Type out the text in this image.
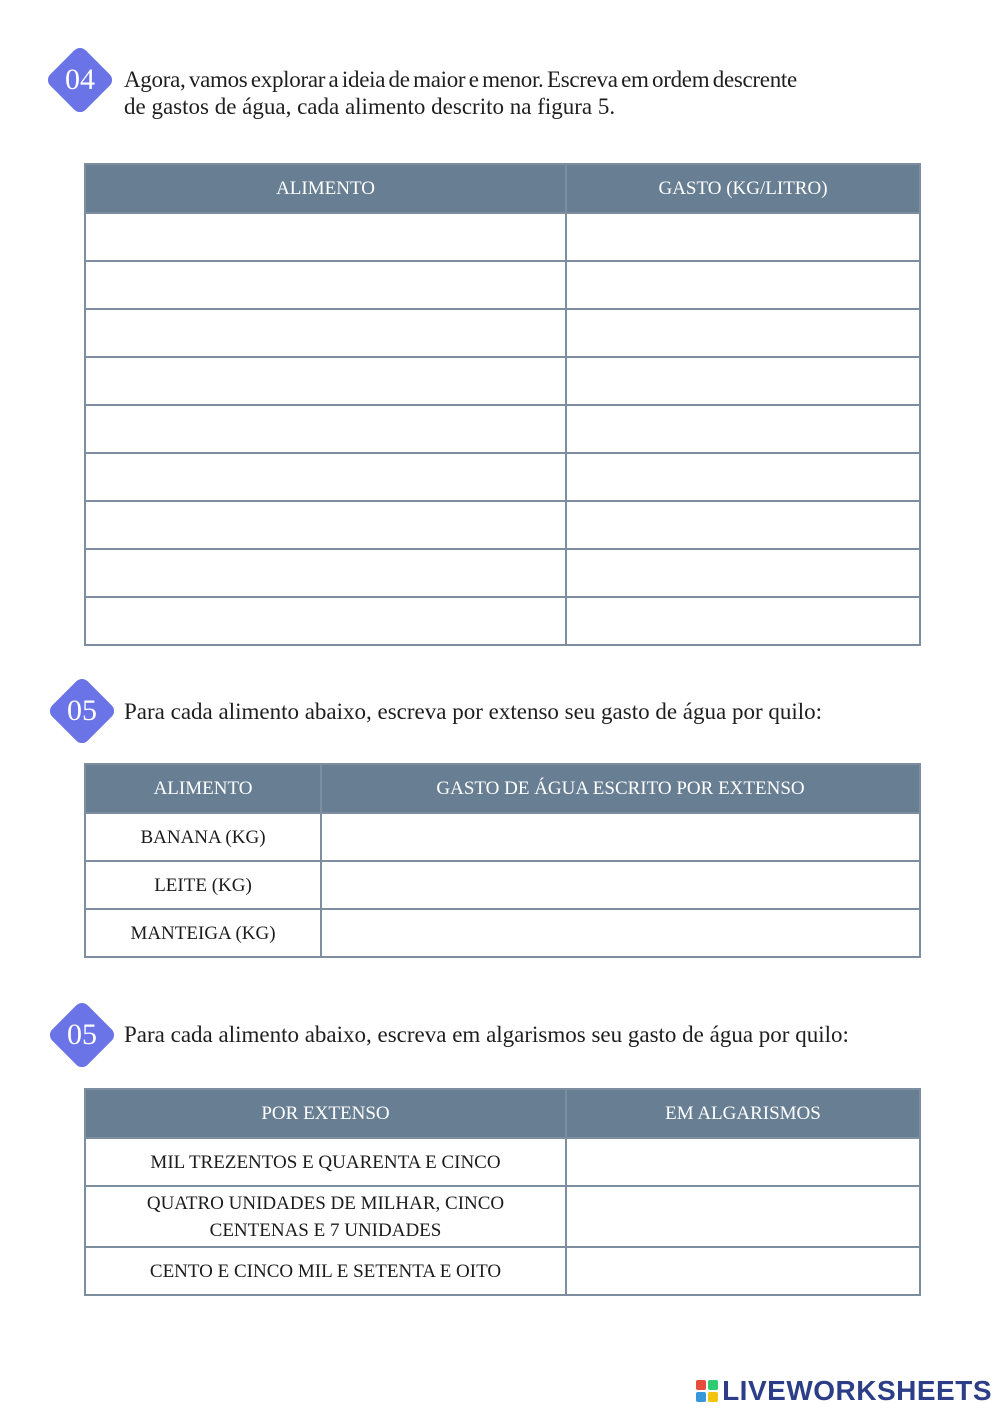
04	Agora, vamos explorar a ideia de maior e menor. Escreva em ordem descrente
de gastos de água, cada alimento descrito na figura 5.
ALIMENTO	GASTO (KG/LITRO)

05	Para cada alimento abaixo, escreva por extenso seu gasto de água por quilo:
ALIMENTO	GASTO DE ÁGUA ESCRITO POR EXTENSO
BANANA (KG)	
LEITE (KG)	
MANTEIGA (KG)	
05	Para cada alimento abaixo, escreva em algarismos seu gasto de água por quilo:
POR EXTENSO	EM ALGARISMOS
MIL TREZENTOS E QUARENTA E CINCO	
QUATRO UNIDADES DE MILHAR, CINCO CENTENAS E 7 UNIDADES	
CENTO E CINCO MIL E SETENTA E OITO	
LIVEWORKSHEETS
